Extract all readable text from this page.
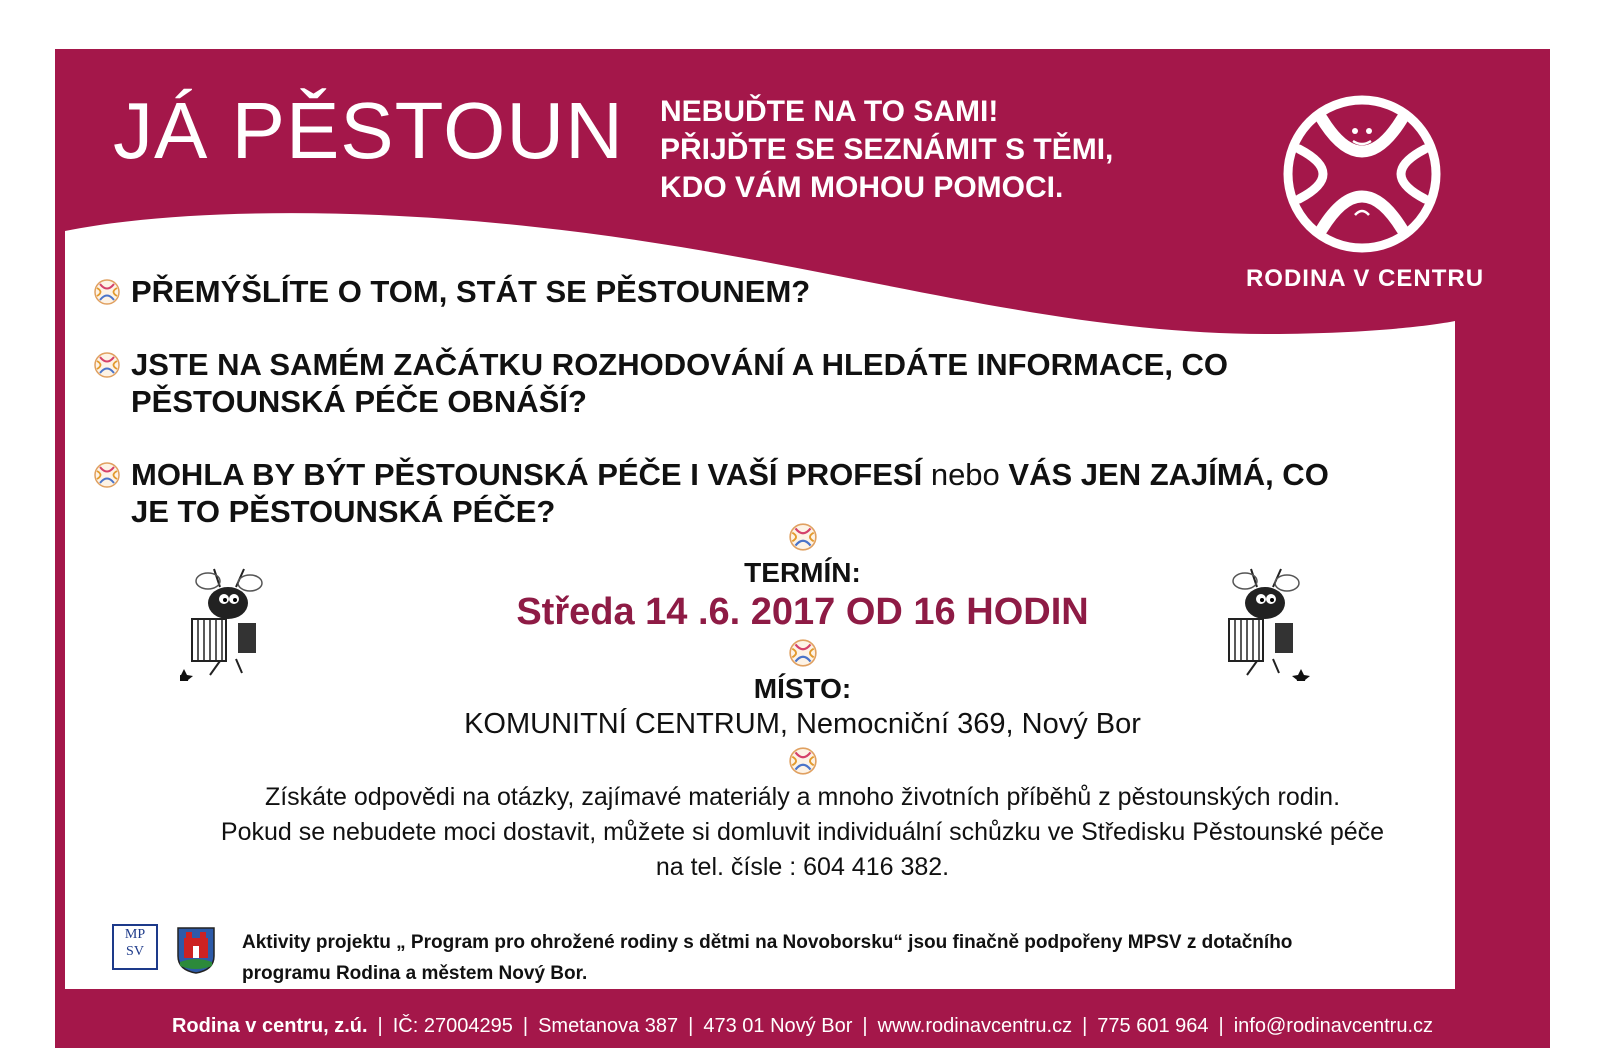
JÁ PĚSTOUN NEBUĎTE NA TO SAMI!
PŘIJĎTE SE SEZNÁMIT S TĚMI,
KDO VÁM MOHOU POMOCI.
RODINA V CENTRU
PŘEMÝŠLÍTE O TOM, STÁT SE PĚSTOUNEM?
JSTE NA SAMÉM ZAČÁTKU ROZHODOVÁNÍ A HLEDÁTE INFORMACE, CO
PĚSTOUNSKÁ PÉČE OBNÁŠÍ?
MOHLA BY BÝT PĚSTOUNSKÁ PÉČE I VAŠÍ PROFESÍ nebo VÁS JEN ZAJÍMÁ, CO
JE TO PĚSTOUNSKÁ PÉČE?
TERMÍN:
Středa 14 .6. 2017 OD 16 HODIN
MÍSTO:
KOMUNITNÍ CENTRUM, Nemocniční 369, Nový Bor
Získáte odpovědi na otázky, zajímavé materiály a mnoho životních příběhů z pěstounských rodin.
Pokud se nebudete moci dostavit, můžete si domluvit individuální schůzku ve Středisku Pěstounské péče
na tel. čísle : 604 416 382.
MP
SV	Aktivity projektu „ Program pro ohrožené rodiny s dětmi na Novoborsku“ jsou finačně podpořeny MPSV z dotačního
programu Rodina a městem Nový Bor.
Rodina v centru, z.ú. | IČ: 27004295 | Smetanova 387 | 473 01 Nový Bor | www.rodinavcentru.cz | 775 601 964 | info@rodinavcentru.cz
